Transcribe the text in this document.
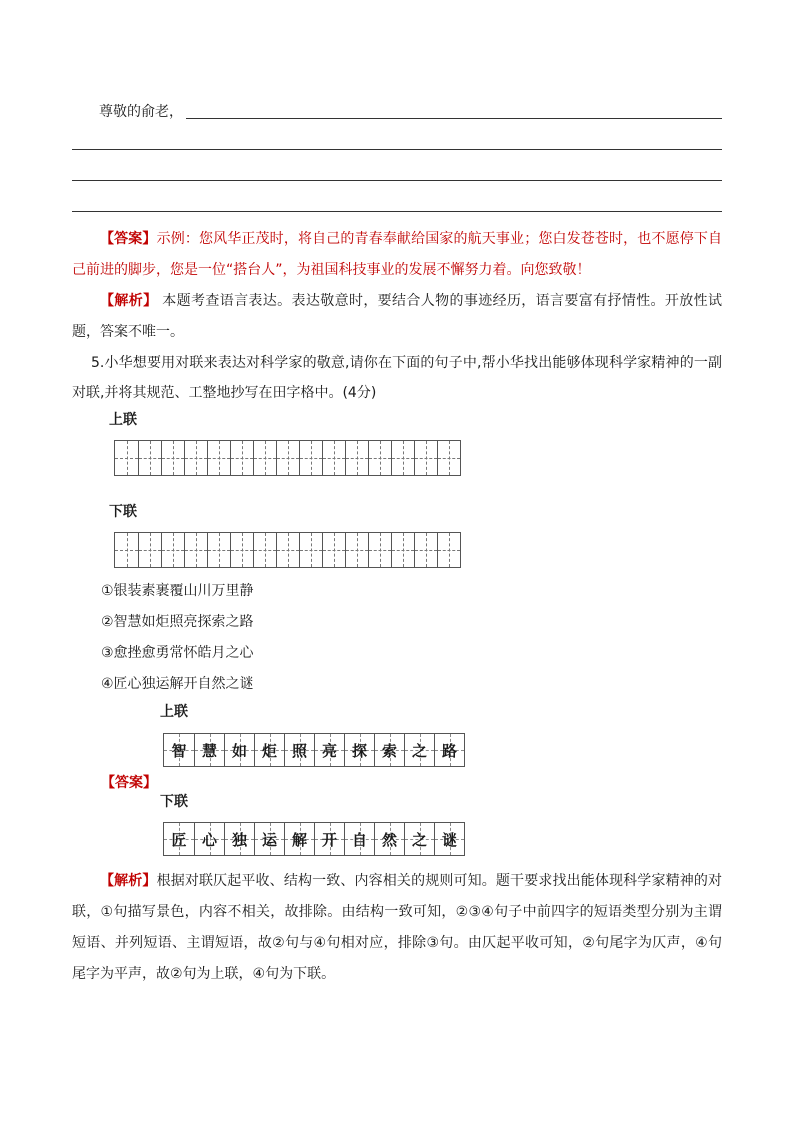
尊敬的俞老，
【答案】示例：您风华正茂时，将自己的青春奉献给国家的航天事业；您白发苍苍时，也不愿停下自己前进的脚步，您是一位“搭台人”，为祖国科技事业的发展不懈努力着。向您致敬！
【解析】 本题考查语言表达。表达敬意时，要结合人物的事迹经历，语言要富有抒情性。开放性试题，答案不唯一。
5.小华想要用对联来表达对科学家的敬意,请你在下面的句子中,帮小华找出能够体现科学家精神的一副对联,并将其规范、工整地抄写在田字格中。(4分)
上联
下联
①银装素裹覆山川万里静
②智慧如炬照亮探索之路
③愈挫愈勇常怀皓月之心
④匠心独运解开自然之谜
上联
智 慧 如 炬 照 亮 探 索 之 路
【答案】
下联
匠 心 独 运 解 开 自 然 之 谜
【解析】根据对联仄起平收、结构一致、内容相关的规则可知。题干要求找出能体现科学家精神的对联，①句描写景色，内容不相关，故排除。由结构一致可知，②③④句子中前四字的短语类型分别为主谓短语、并列短语、主谓短语，故②句与④句相对应，排除③句。由仄起平收可知，②句尾字为仄声，④句尾字为平声，故②句为上联，④句为下联。
